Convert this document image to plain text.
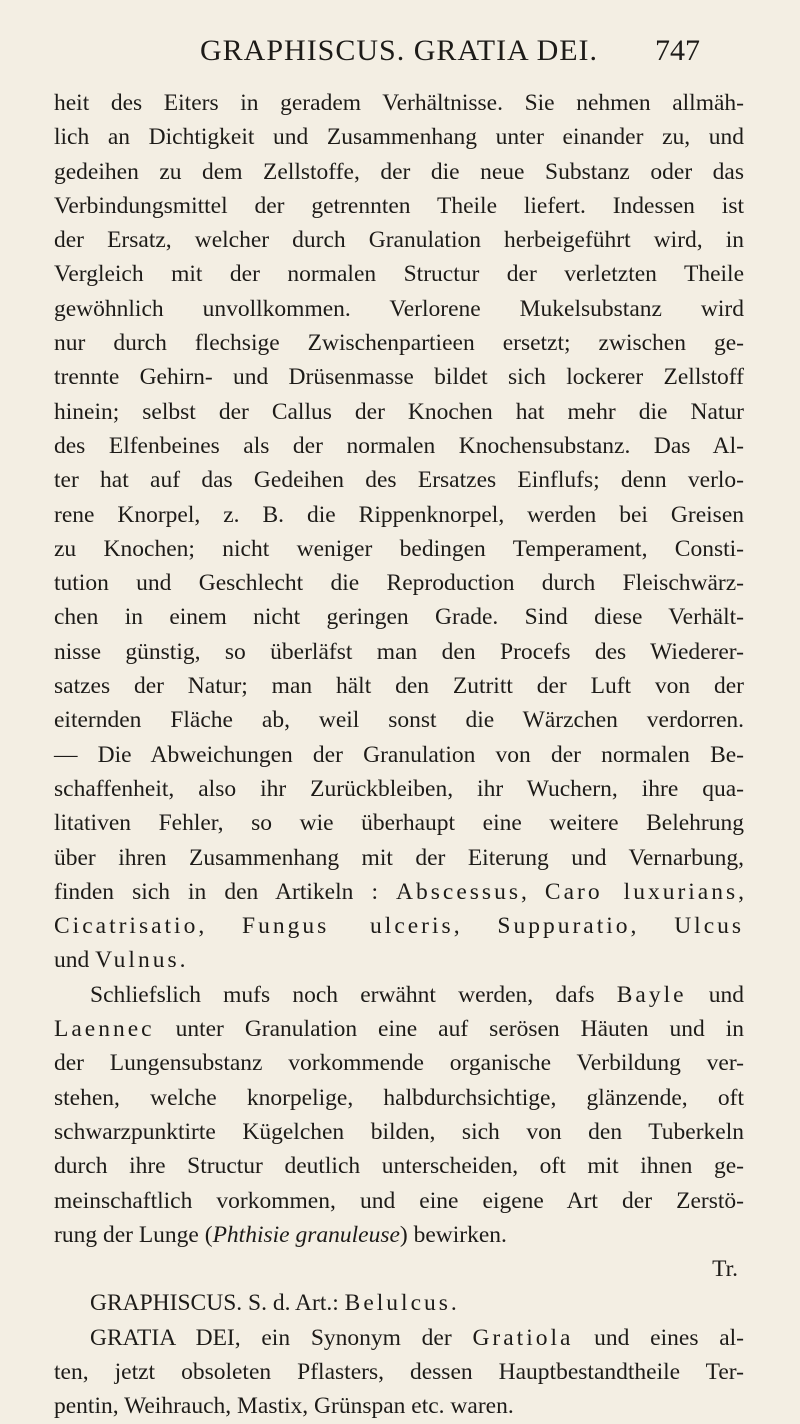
GRAPHISCUS. GRATIA DEI. 747
heit des Eiters in geradem Verhältnisse. Sie nehmen allmäh-
lich an Dichtigkeit und Zusammenhang unter einander zu, und
gedeihen zu dem Zellstoffe, der die neue Substanz oder das
Verbindungsmittel der getrennten Theile liefert. Indessen ist
der Ersatz, welcher durch Granulation herbeigeführt wird, in
Vergleich mit der normalen Structur der verletzten Theile
gewöhnlich unvollkommen. Verlorene Mukelsubstanz wird
nur durch flechsige Zwischenpartieen ersetzt; zwischen ge-
trennte Gehirn- und Drüsenmasse bildet sich lockerer Zellstoff
hinein; selbst der Callus der Knochen hat mehr die Natur
des Elfenbeines als der normalen Knochensubstanz. Das Al-
ter hat auf das Gedeihen des Ersatzes Einflufs; denn verlo-
rene Knorpel, z. B. die Rippenknorpel, werden bei Greisen
zu Knochen; nicht weniger bedingen Temperament, Consti-
tution und Geschlecht die Reproduction durch Fleischwärz-
chen in einem nicht geringen Grade. Sind diese Verhält-
nisse günstig, so überläfst man den Procefs des Wiederer-
satzes der Natur; man hält den Zutritt der Luft von der
eiternden Fläche ab, weil sonst die Wärzchen verdorren.
— Die Abweichungen der Granulation von der normalen Be-
schaffenheit, also ihr Zurückbleiben, ihr Wuchern, ihre qua-
litativen Fehler, so wie überhaupt eine weitere Belehrung
über ihren Zusammenhang mit der Eiterung und Vernarbung,
finden sich in den Artikeln : Abscessus, Caro luxurians,
Cicatrisatio, Fungus ulceris, Suppuratio, Ulcus
und Vulnus.
Schliefslich mufs noch erwähnt werden, dafs Bayle und
Laennec unter Granulation eine auf serösen Häuten und in
der Lungensubstanz vorkommende organische Verbildung ver-
stehen, welche knorpelige, halbdurchsichtige, glänzende, oft
schwarzpunktirte Kügelchen bilden, sich von den Tuberkeln
durch ihre Structur deutlich unterscheiden, oft mit ihnen ge-
meinschaftlich vorkommen, und eine eigene Art der Zerstö-
rung der Lunge (Phthisie granuleuse) bewirken.
Tr.
GRAPHISCUS. S. d. Art.: Belulcus.
GRATIA DEI, ein Synonym der Gratiola und eines al-
ten, jetzt obsoleten Pflasters, dessen Hauptbestandtheile Ter-
pentin, Weihrauch, Mastix, Grünspan etc. waren.
